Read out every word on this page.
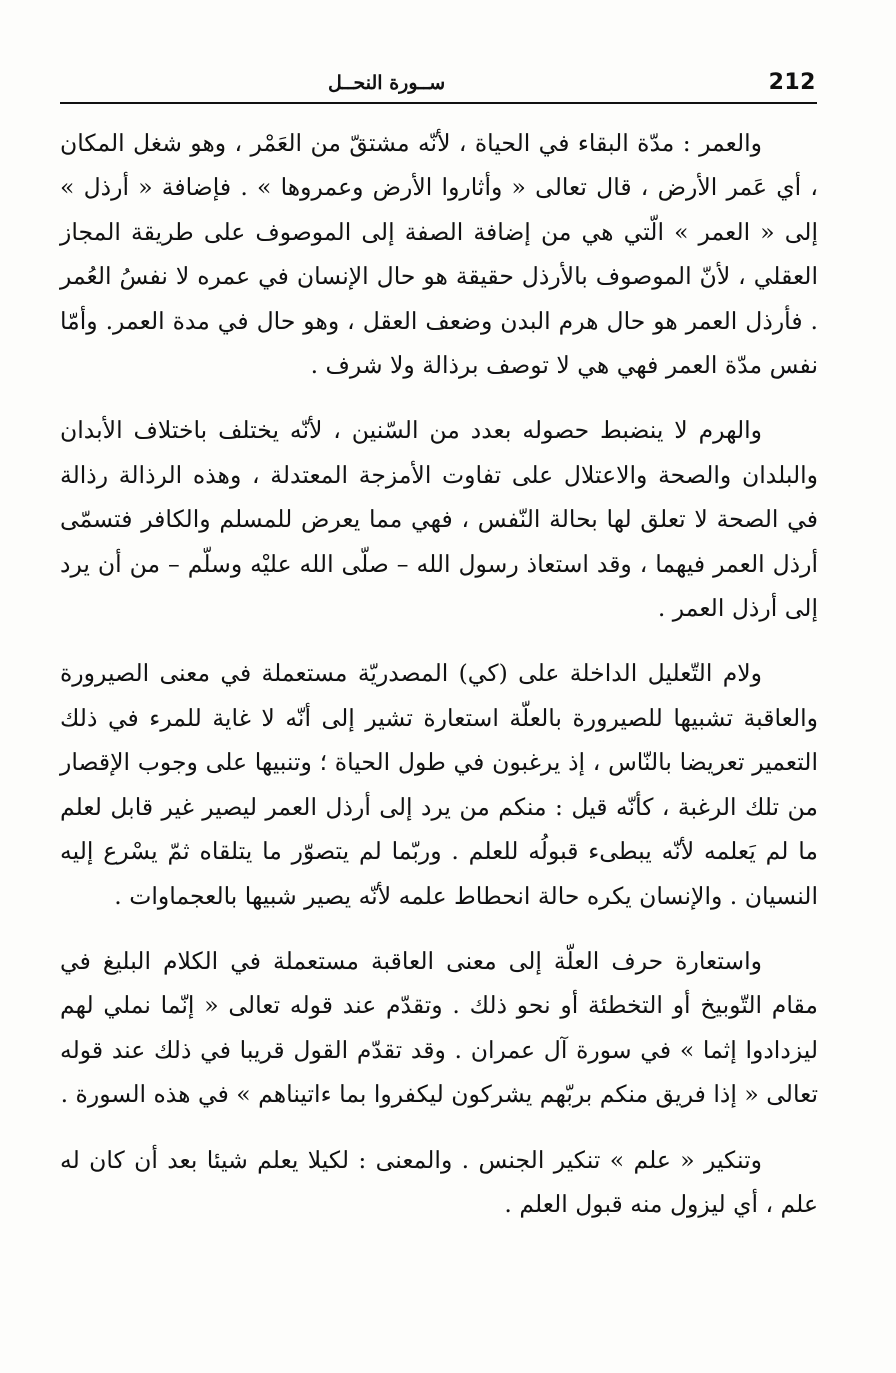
212
ســورة النحــل

والعمر : مدّة البقاء في الحياة ، لأنّه مشتقّ من العَمْر ، وهو شغل المكان ، أي عَمر الأرض ، قال تعالى « وأثاروا الأرض وعمروها » . فإضافة « أرذل » إلى « العمر » الّتي هي من إضافة الصفة إلى الموصوف على طريقة المجاز العقلي ، لأنّ الموصوف بالأرذل حقيقة هو حال الإنسان في عمره لا نفسُ العُمر . فأرذل العمر هو حال هرم البدن وضعف العقل ، وهو حال في مدة العمر. وأمّا نفس مدّة العمر فهي هي لا توصف برذالة ولا شرف .

والهرم لا ينضبط حصوله بعدد من السّنين ، لأنّه يختلف باختلاف الأبدان والبلدان والصحة والاعتلال على تفاوت الأمزجة المعتدلة ، وهذه الرذالة رذالة في الصحة لا تعلق لها بحالة النّفس ، فهي مما يعرض للمسلم والكافر فتسمّى أرذل العمر فيهما ، وقد استعاذ رسول الله – صلّى الله عليْه وسلّم – من أن يرد إلى أرذل العمر .

ولام التّعليل الداخلة على (كي) المصدريّة مستعملة في معنى الصيرورة والعاقبة تشبيها للصيرورة بالعلّة استعارة تشير إلى أنّه لا غاية للمرء في ذلك التعمير تعريضا بالنّاس ، إذ يرغبون في طول الحياة ؛ وتنبيها على وجوب الإقصار من تلك الرغبة ، كأنّه قيل : منكم من يرد إلى أرذل العمر ليصير غير قابل لعلم ما لم يَعلمه لأنّه يبطىء قبولُه للعلم . وربّما لم يتصوّر ما يتلقاه ثمّ يسْرع إليه النسيان . والإنسان يكره حالة انحطاط علمه لأنّه يصير شبيها بالعجماوات .

واستعارة حرف العلّة إلى معنى العاقبة مستعملة في الكلام البليغ في مقام التّوبيخ أو التخطئة أو نحو ذلك . وتقدّم عند قوله تعالى « إنّما نملي لهم ليزدادوا إثما » في سورة آل عمران . وقد تقدّم القول قريبا في ذلك عند قوله تعالى « إذا فريق منكم بربّهم يشركون ليكفروا بما ءاتيناهم » في هذه السورة .

وتنكير « علم » تنكير الجنس . والمعنى : لكيلا يعلم شيئا بعد أن كان له علم ، أي ليزول منه قبول العلم .
